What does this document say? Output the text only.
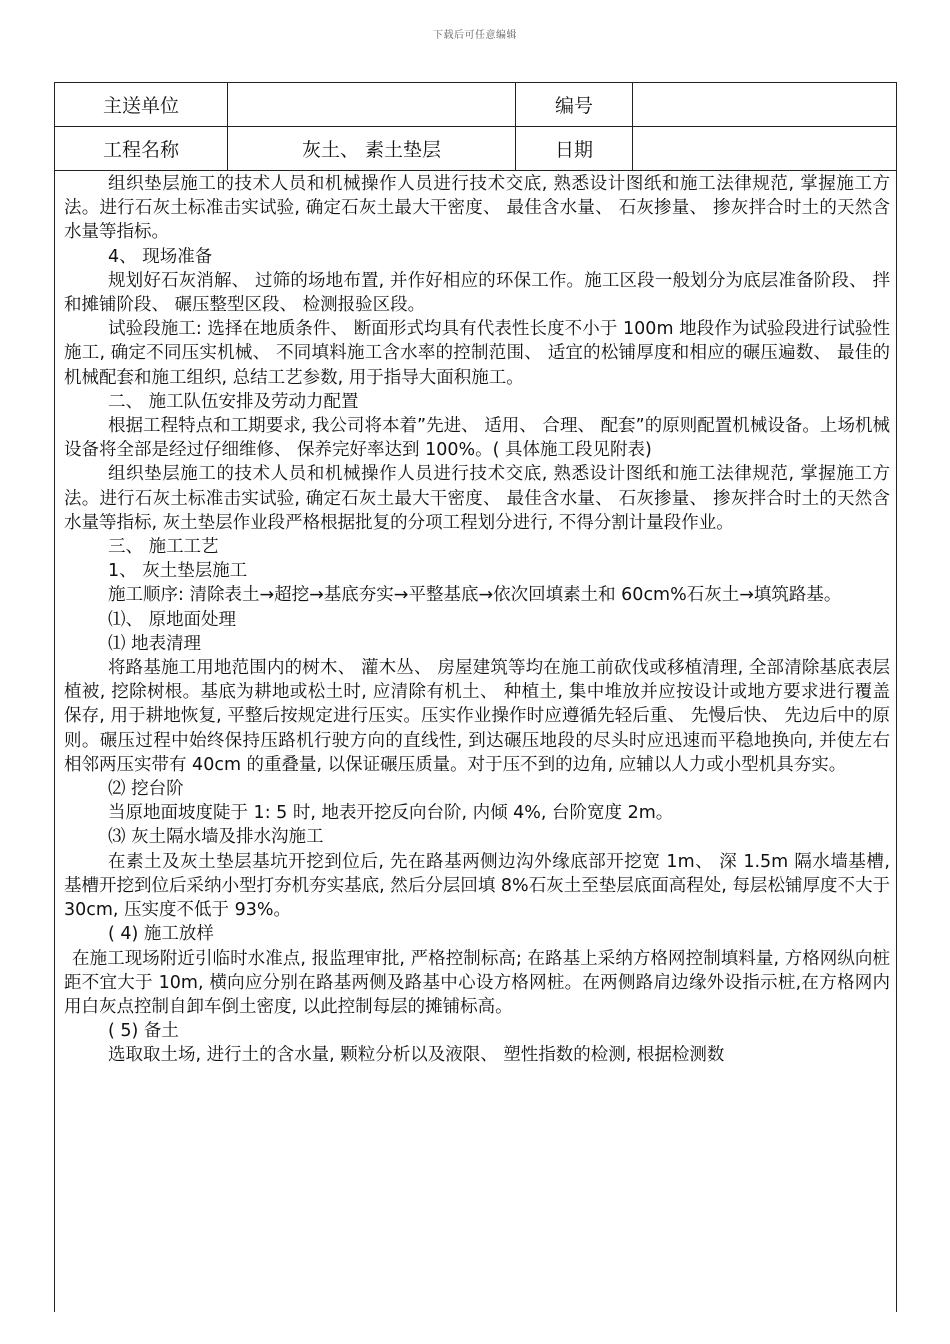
下载后可任意编辑
主送单位		编号	
工程名称	灰土、 素土垫层	日期	

组织垫层施工的技术人员和机械操作人员进行技术交底, 熟悉设计图纸和施工法律规范, 掌握施工方法。进行石灰土标准击实试验, 确定石灰土最大干密度、 最佳含水量、 石灰掺量、 掺灰拌合时土的天然含水量等指标。

4、 现场准备

规划好石灰消解、 过筛的场地布置, 并作好相应的环保工作。施工区段一般划分为底层准备阶段、 拌和摊铺阶段、 碾压整型区段、 检测报验区段。

试验段施工: 选择在地质条件、 断面形式均具有代表性长度不小于 100m 地段作为试验段进行试验性施工, 确定不同压实机械、 不同填料施工含水率的控制范围、 适宜的松铺厚度和相应的碾压遍数、 最佳的机械配套和施工组织, 总结工艺参数, 用于指导大面积施工。

二、 施工队伍安排及劳动力配置

根据工程特点和工期要求, 我公司将本着”先进、 适用、 合理、 配套”的原则配置机械设备。上场机械设备将全部是经过仔细维修、 保养完好率达到 100%。( 具体施工段见附表)

组织垫层施工的技术人员和机械操作人员进行技术交底, 熟悉设计图纸和施工法律规范, 掌握施工方法。进行石灰土标准击实试验, 确定石灰土最大干密度、 最佳含水量、 石灰掺量、 掺灰拌合时土的天然含水量等指标, 灰土垫层作业段严格根据批复的分项工程划分进行, 不得分割计量段作业。

三、 施工工艺

1、 灰土垫层施工

施工顺序: 清除表土→超挖→基底夯实→平整基底→依次回填素土和 60cm%石灰土→填筑路基。

⑴、 原地面处理

⑴ 地表清理

将路基施工用地范围内的树木、 灌木丛、 房屋建筑等均在施工前砍伐或移植清理, 全部清除基底表层植被, 挖除树根。基底为耕地或松土时, 应清除有机土、 种植土, 集中堆放并应按设计或地方要求进行覆盖保存, 用于耕地恢复, 平整后按规定进行压实。压实作业操作时应遵循先轻后重、 先慢后快、 先边后中的原则。碾压过程中始终保持压路机行驶方向的直线性, 到达碾压地段的尽头时应迅速而平稳地换向, 并使左右相邻两压实带有 40cm 的重叠量, 以保证碾压质量。对于压不到的边角, 应辅以人力或小型机具夯实。

⑵ 挖台阶

当原地面坡度陡于 1: 5 时, 地表开挖反向台阶, 内倾 4%, 台阶宽度 2m。

⑶ 灰土隔水墙及排水沟施工

在素土及灰土垫层基坑开挖到位后, 先在路基两侧边沟外缘底部开挖宽 1m、 深 1.5m 隔水墙基槽, 基槽开挖到位后采纳小型打夯机夯实基底, 然后分层回填 8%石灰土至垫层底面高程处, 每层松铺厚度不大于 30cm, 压实度不低于 93%。

( 4) 施工放样

在施工现场附近引临时水准点, 报监理审批, 严格控制标高; 在路基上采纳方格网控制填料量, 方格网纵向桩距不宜大于 10m, 横向应分别在路基两侧及路基中心设方格网桩。在两侧路肩边缘外设指示桩,在方格网内用白灰点控制自卸车倒土密度, 以此控制每层的摊铺标高。

( 5) 备土

选取取土场, 进行土的含水量, 颗粒分析以及液限、 塑性指数的检测, 根据检测数
